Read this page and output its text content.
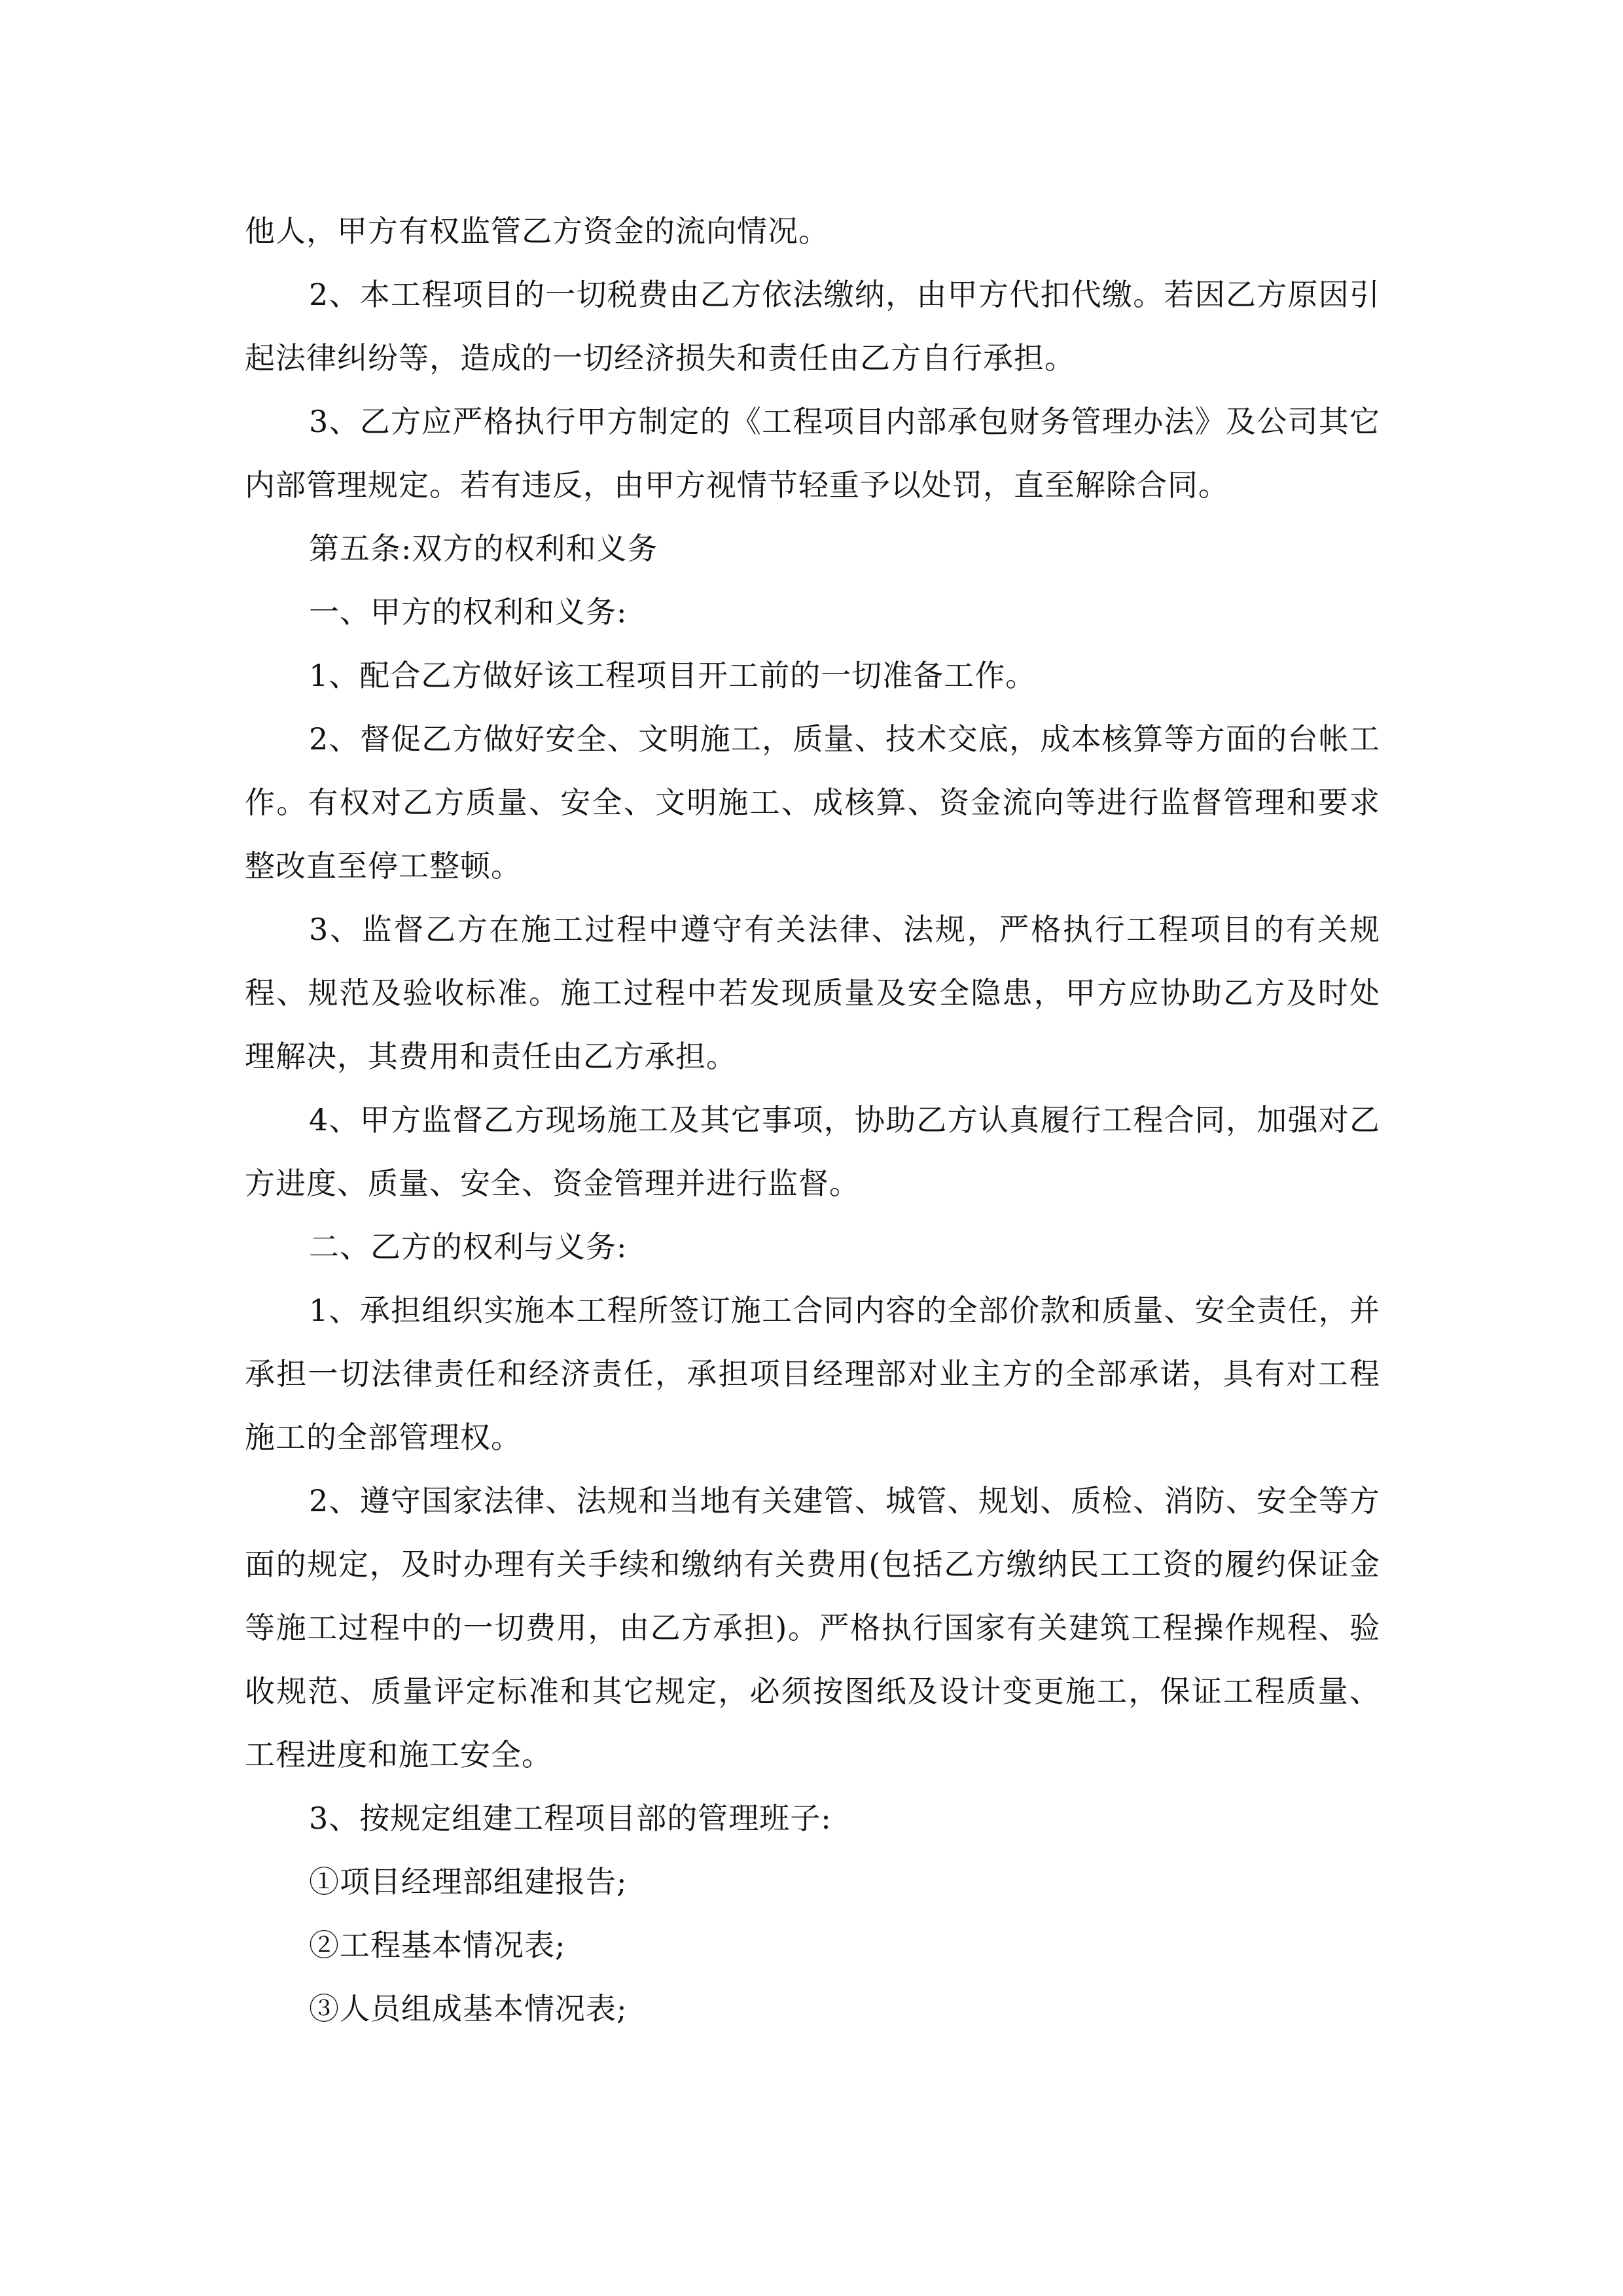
他人，甲方有权监管乙方资金的流向情况。

2、本工程项目的一切税费由乙方依法缴纳，由甲方代扣代缴。若因乙方原因引起法律纠纷等，造成的一切经济损失和责任由乙方自行承担。

3、乙方应严格执行甲方制定的《工程项目内部承包财务管理办法》及公司其它内部管理规定。若有违反，由甲方视情节轻重予以处罚，直至解除合同。

第五条:双方的权利和义务

一、甲方的权利和义务:

1、配合乙方做好该工程项目开工前的一切准备工作。

2、督促乙方做好安全、文明施工，质量、技术交底，成本核算等方面的台帐工作。有权对乙方质量、安全、文明施工、成核算、资金流向等进行监督管理和要求整改直至停工整顿。

3、监督乙方在施工过程中遵守有关法律、法规，严格执行工程项目的有关规程、规范及验收标准。施工过程中若发现质量及安全隐患，甲方应协助乙方及时处理解决，其费用和责任由乙方承担。

4、甲方监督乙方现场施工及其它事项，协助乙方认真履行工程合同，加强对乙方进度、质量、安全、资金管理并进行监督。

二、乙方的权利与义务:

1、承担组织实施本工程所签订施工合同内容的全部价款和质量、安全责任，并承担一切法律责任和经济责任，承担项目经理部对业主方的全部承诺，具有对工程施工的全部管理权。

2、遵守国家法律、法规和当地有关建管、城管、规划、质检、消防、安全等方面的规定，及时办理有关手续和缴纳有关费用(包括乙方缴纳民工工资的履约保证金等施工过程中的一切费用，由乙方承担)。严格执行国家有关建筑工程操作规程、验收规范、质量评定标准和其它规定，必须按图纸及设计变更施工，保证工程质量、工程进度和施工安全。

3、按规定组建工程项目部的管理班子:

①项目经理部组建报告;

②工程基本情况表;

③人员组成基本情况表;
